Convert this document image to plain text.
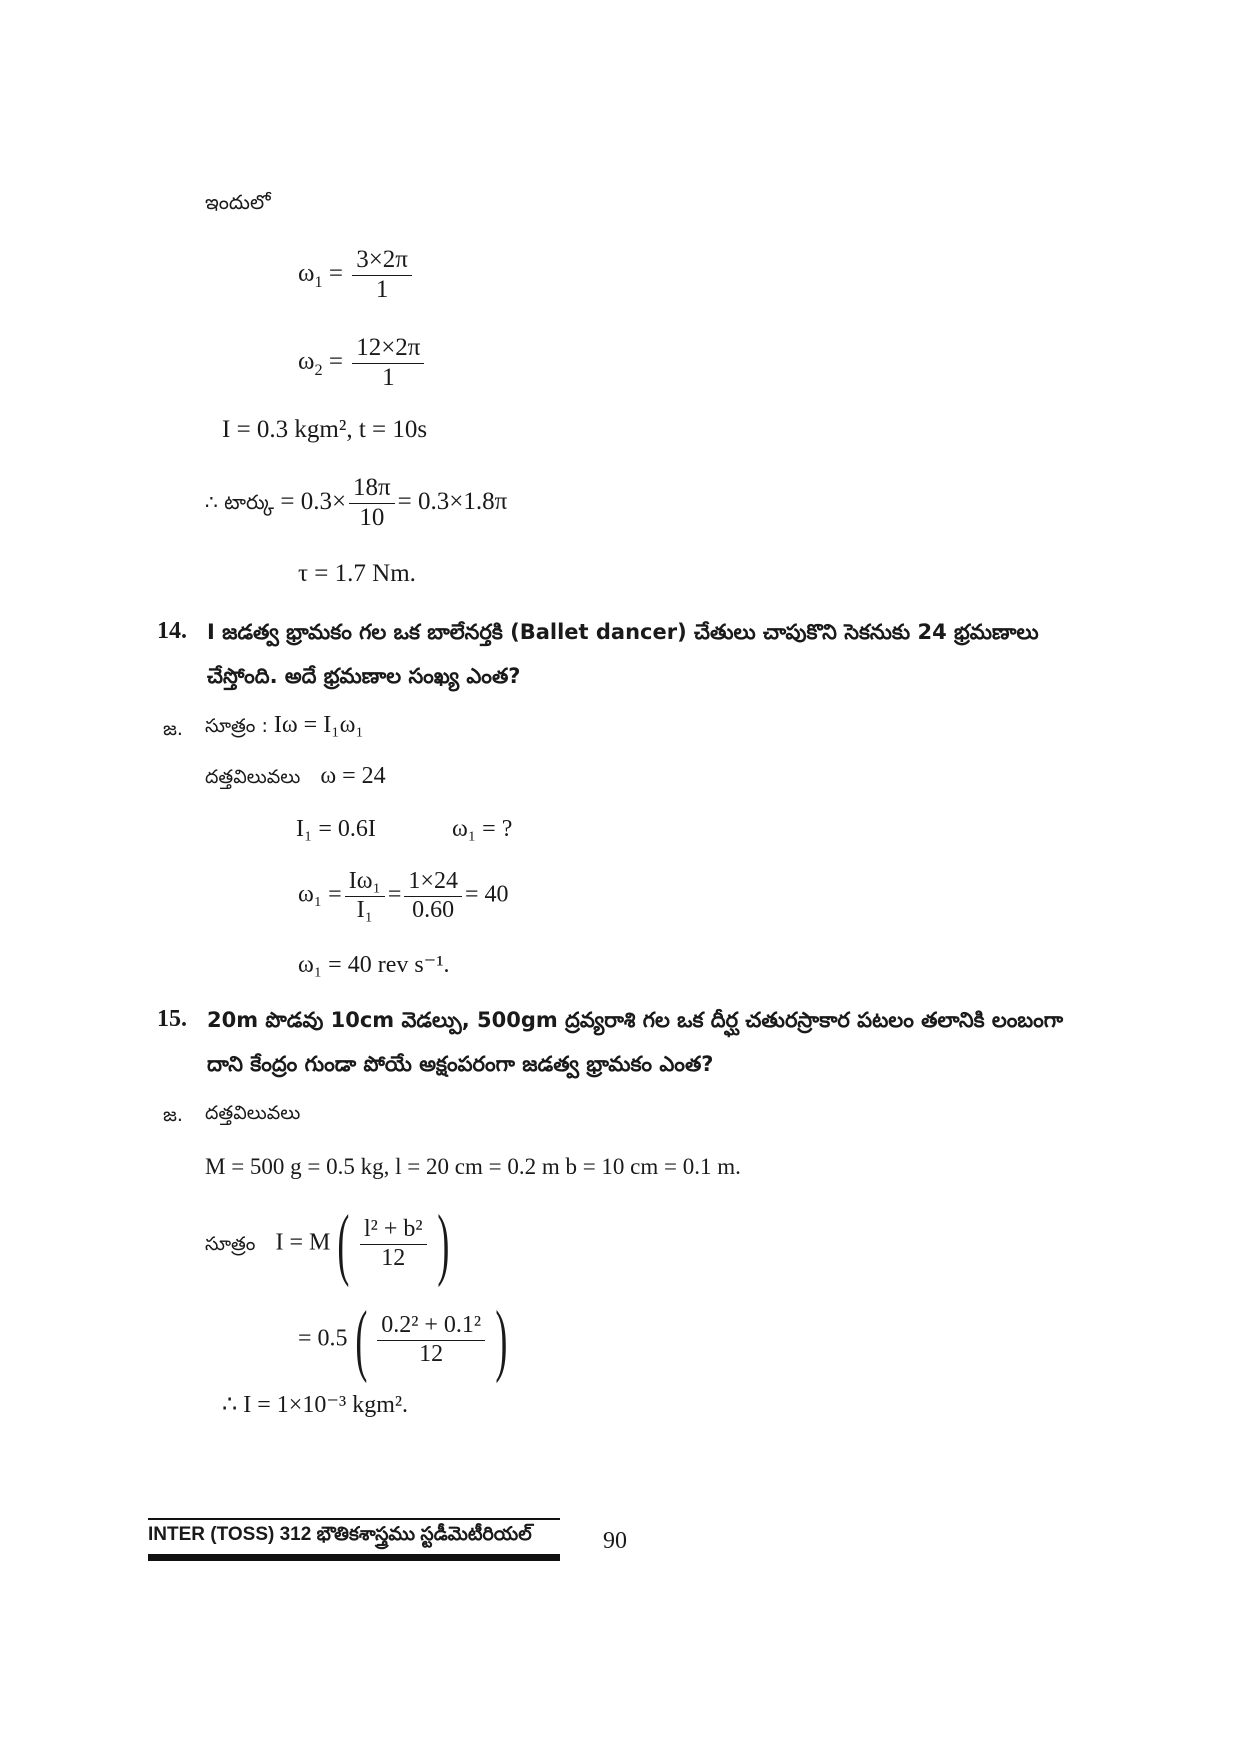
ఇందులో
$\omega_1 = \frac{3\times 2\pi}{1}$
$\omega_2 = \frac{12\times 2\pi}{1}$
I = 0.3 kgm², t = 10s
∴ టార్కు = $0.3\times \frac{18\pi}{10} = 0.3\times 1.8\pi$
τ = 1.7 Nm.
14. I జడత్వ భ్రామకం గల ఒక బాలేనర్తకి (Ballet dancer) చేతులు చాపుకొని సెకనుకు 24 భ్రమణాలు చేస్తోంది. అదే భ్రమణాల సంఖ్య ఎంత?
జ. సూత్రం : Iω = I₁ω₁
దత్తవిలువలు ω = 24
I₁ = 0.6I	ω₁ = ?
$\omega_1 = \frac{\text{Iω₁}}{\text{I₁}} = \frac{1\times 24}{0.60} = 40$
ω₁ = 40 rev s⁻¹.
15. 20m పొడవు 10cm వెడల్పు, 500gm ద్రవ్యరాశి గల ఒక దీర్ఘ చతురస్రాకార పటలం తలానికి లంబంగా దాని కేంద్రం గుండా పోయే అక్షంపరంగా జడత్వ భ్రామకం ఎంత?
జ. దత్తవిలువలు
M = 500 g = 0.5 kg, l = 20 cm = 0.2 m b = 10 cm = 0.1 m.
సూత్రం $I = M( \frac{\text{l² + b²}}{12}$ )
= $0.5( \frac{\text{0.2² + 0.1²}}{12}$ )
∴ I = 1×10⁻³ kgm².
INTER (TOSS) 312 భౌతికశాస్త్రము స్టడీమెటీరియల్	90
